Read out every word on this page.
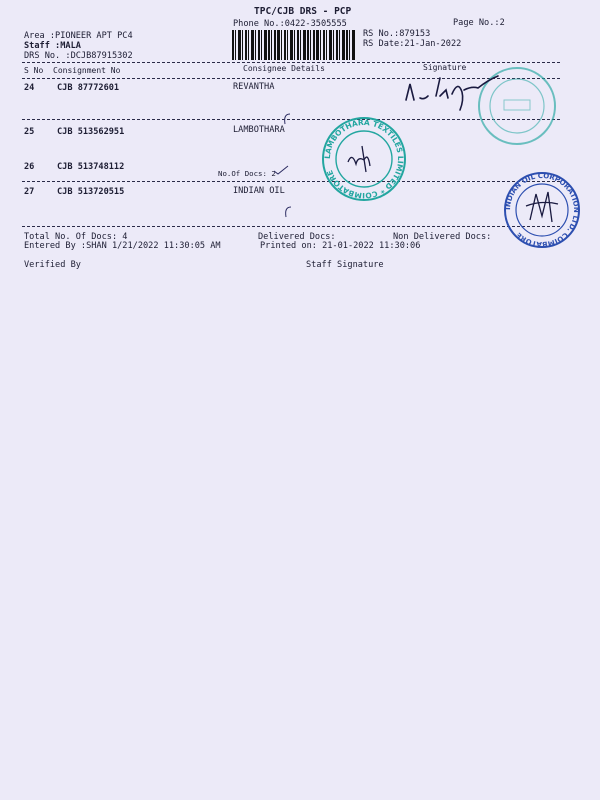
TPC/CJB DRS - PCP
Phone No.:0422-3505555	Page No.:2
Area :PIONEER APT PC4
Staff :MALA
DRS No. :DCJB87915302
RS No.:879153
RS Date:21-Jan-2022
S No Consignment No	Consignee Details	Signature
24	CJB 87772601	REVANTHA
25	CJB 513562951	LAMBOTHARA
26	CJB 513748112
No.Of Docs: 2
27	CJB 513720515	INDIAN OIL
LAMBOTHARA TEXTILES LIMITED * COIMBATORE
INDIAN OIL CORPORATION LTD. COIMBATORE
Total No. Of Docs: 4	Delivered Docs:	Non Delivered Docs:
Entered By :SHAN 1/21/2022 11:30:05 AM	Printed on: 21-01-2022 11:30:06
Verified By	Staff Signature
